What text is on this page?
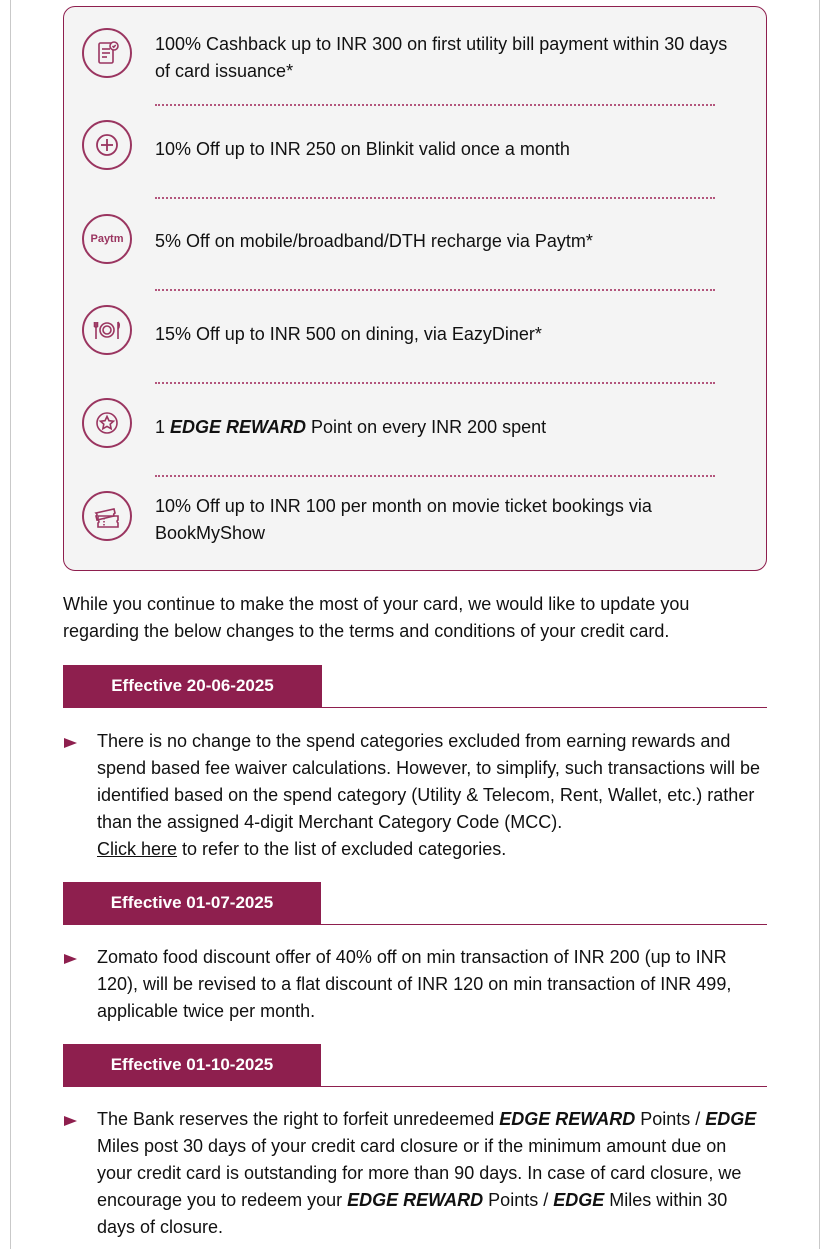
100% Cashback up to INR 300 on first utility bill payment within 30 days of card issuance*
10% Off up to INR 250 on Blinkit valid once a month
Paytm 5% Off on mobile/broadband/DTH recharge via Paytm*
15% Off up to INR 500 on dining, via EazyDiner*
1 EDGE REWARD Point on every INR 200 spent
10% Off up to INR 100 per month on movie ticket bookings via BookMyShow
While you continue to make the most of your card, we would like to update you regarding the below changes to the terms and conditions of your credit card.
Effective 20-06-2025
There is no change to the spend categories excluded from earning rewards and spend based fee waiver calculations. However, to simplify, such transactions will be identified based on the spend category (Utility & Telecom, Rent, Wallet, etc.) rather than the assigned 4-digit Merchant Category Code (MCC).
Click here to refer to the list of excluded categories.
Effective 01-07-2025
Zomato food discount offer of 40% off on min transaction of INR 200 (up to INR 120), will be revised to a flat discount of INR 120 on min transaction of INR 499, applicable twice per month.
Effective 01-10-2025
The Bank reserves the right to forfeit unredeemed EDGE REWARD Points / EDGE Miles post 30 days of your credit card closure or if the minimum amount due on your credit card is outstanding for more than 90 days. In case of card closure, we encourage you to redeem your EDGE REWARD Points / EDGE Miles within 30 days of closure.
